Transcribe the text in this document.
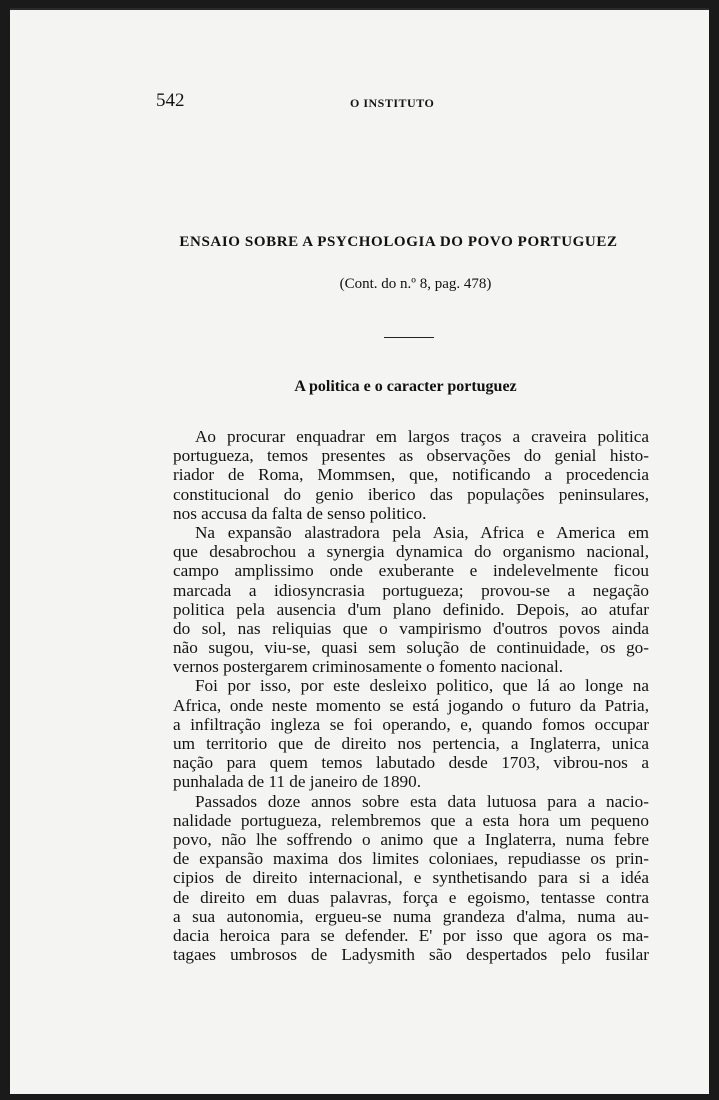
542	O INSTITUTO

ENSAIO SOBRE A PSYCHOLOGIA DO POVO PORTUGUEZ

(Cont. do n.º 8, pag. 478)

A politica e o caracter portuguez
Ao procurar enquadrar em largos traços a craveira politica
portugueza, temos presentes as observações do genial histo-
riador de Roma, Mommsen, que, notificando a procedencia
constitucional do genio iberico das populações peninsulares,
nos accusa da falta de senso politico.
Na expansão alastradora pela Asia, Africa e America em
que desabrochou a synergia dynamica do organismo nacional,
campo amplissimo onde exuberante e indelevelmente ficou
marcada a idiosyncrasia portugueza; provou-se a negação
politica pela ausencia d'um plano definido. Depois, ao atufar
do sol, nas reliquias que o vampirismo d'outros povos ainda
não sugou, viu-se, quasi sem solução de continuidade, os go-
vernos postergarem criminosamente o fomento nacional.
Foi por isso, por este desleixo politico, que lá ao longe na
Africa, onde neste momento se está jogando o futuro da Patria,
a infiltração ingleza se foi operando, e, quando fomos occupar
um territorio que de direito nos pertencia, a Inglaterra, unica
nação para quem temos labutado desde 1703, vibrou-nos a
punhalada de 11 de janeiro de 1890.
Passados doze annos sobre esta data lutuosa para a nacio-
nalidade portugueza, relembremos que a esta hora um pequeno
povo, não lhe soffrendo o animo que a Inglaterra, numa febre
de expansão maxima dos limites coloniaes, repudiasse os prin-
cipios de direito internacional, e synthetisando para si a idéa
de direito em duas palavras, força e egoismo, tentasse contra
a sua autonomia, ergueu-se numa grandeza d'alma, numa au-
dacia heroica para se defender. E' por isso que agora os ma-
tagaes umbrosos de Ladysmith são despertados pelo fusilar
